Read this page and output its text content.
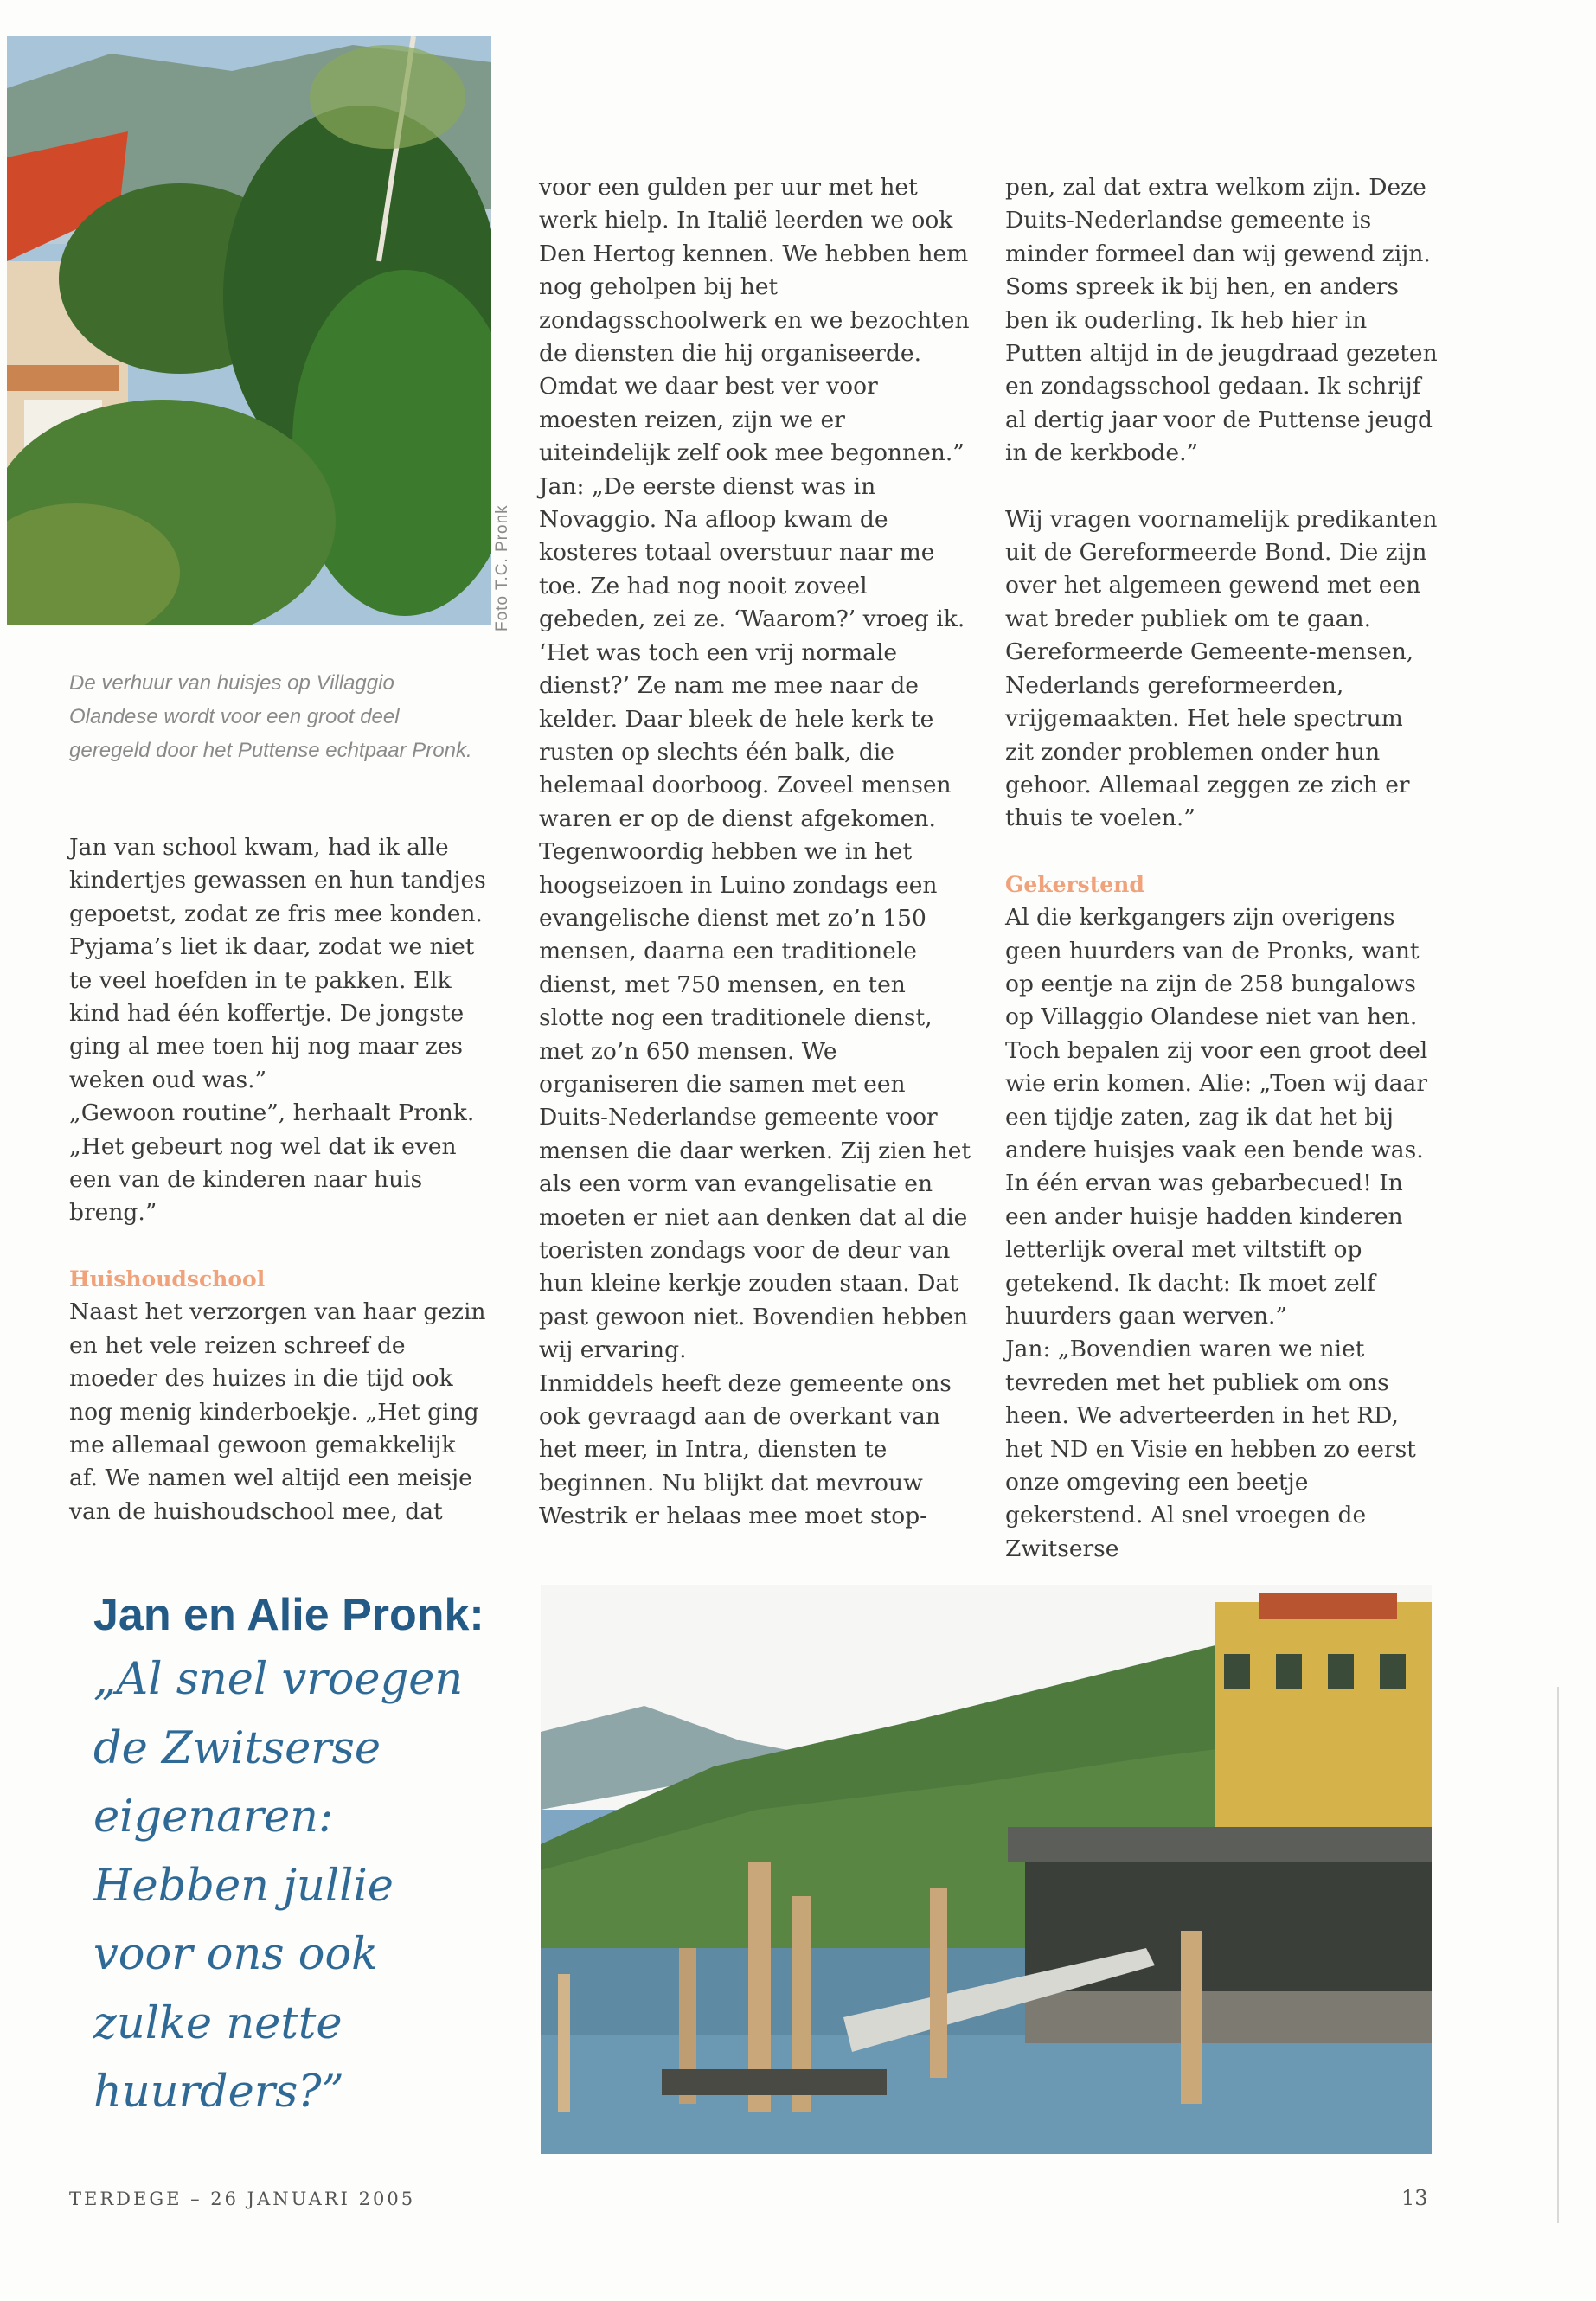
Foto T.C. Pronk
De verhuur van huisjes op Villaggio Olandese wordt voor een groot deel geregeld door het Puttense echtpaar Pronk.

Jan van school kwam, had ik alle kindertjes gewassen en hun tandjes gepoetst, zodat ze fris mee konden. Pyjama’s liet ik daar, zodat we niet te veel hoefden in te pakken. Elk kind had één koffertje. De jongste ging al mee toen hij nog maar zes weken oud was.”

„Gewoon routine”, herhaalt Pronk. „Het gebeurt nog wel dat ik even een van de kinderen naar huis breng.”

Huishoudschool

Naast het verzorgen van haar gezin en het vele reizen schreef de moeder des huizes in die tijd ook nog menig kinderboekje. „Het ging me allemaal gewoon gemakkelijk af. We namen wel altijd een meisje van de huishoudschool mee, dat

voor een gulden per uur met het werk hielp. In Italië leerden we ook Den Hertog kennen. We hebben hem nog geholpen bij het zondagsschoolwerk en we bezochten de diensten die hij organiseerde. Omdat we daar best ver voor moesten reizen, zijn we er uiteindelijk zelf ook mee begonnen.”

Jan: „De eerste dienst was in Novaggio. Na afloop kwam de kosteres totaal overstuur naar me toe. Ze had nog nooit zoveel gebeden, zei ze. ‘Waarom?’ vroeg ik. ‘Het was toch een vrij normale dienst?’ Ze nam me mee naar de kelder. Daar bleek de hele kerk te rusten op slechts één balk, die helemaal doorboog. Zoveel mensen waren er op de dienst afgekomen.

Tegenwoordig hebben we in het hoogseizoen in Luino zondags een evangelische dienst met zo’n 150 mensen, daarna een traditionele dienst, met 750 mensen, en ten slotte nog een traditionele dienst, met zo’n 650 mensen. We organiseren die samen met een Duits-Nederlandse gemeente voor mensen die daar werken. Zij zien het als een vorm van evangelisatie en moeten er niet aan denken dat al die toeristen zondags voor de deur van hun kleine kerkje zouden staan. Dat past gewoon niet. Bovendien hebben wij ervaring.

Inmiddels heeft deze gemeente ons ook gevraagd aan de overkant van het meer, in Intra, diensten te beginnen. Nu blijkt dat mevrouw Westrik er helaas mee moet stop-

pen, zal dat extra welkom zijn. Deze Duits-Nederlandse gemeente is minder formeel dan wij gewend zijn. Soms spreek ik bij hen, en anders ben ik ouderling. Ik heb hier in Putten altijd in de jeugdraad gezeten en zondagsschool gedaan. Ik schrijf al dertig jaar voor de Puttense jeugd in de kerkbode.”

Wij vragen voornamelijk predikanten uit de Gereformeerde Bond. Die zijn over het algemeen gewend met een wat breder publiek om te gaan. Gereformeerde Gemeente-mensen, Nederlands gereformeerden, vrijgemaakten. Het hele spectrum zit zonder problemen onder hun gehoor. Allemaal zeggen ze zich er thuis te voelen.”

Gekerstend

Al die kerkgangers zijn overigens geen huurders van de Pronks, want op eentje na zijn de 258 bungalows op Villaggio Olandese niet van hen. Toch bepalen zij voor een groot deel wie erin komen. Alie: „Toen wij daar een tijdje zaten, zag ik dat het bij andere huisjes vaak een bende was. In één ervan was gebarbecued! In een ander huisje hadden kinderen letterlijk overal met viltstift op getekend. Ik dacht: Ik moet zelf huurders gaan werven.”

Jan: „Bovendien waren we niet tevreden met het publiek om ons heen. We adverteerden in het RD, het ND en Visie en hebben zo eerst onze omgeving een beetje gekerstend. Al snel vroegen de Zwitserse

Jan en Alie Pronk:
„Al snel vroegen
de Zwitserse
eigenaren:
Hebben jullie
voor ons ook
zulke nette
huurders?”
TERDEGE – 26 JANUARI 2005	13
